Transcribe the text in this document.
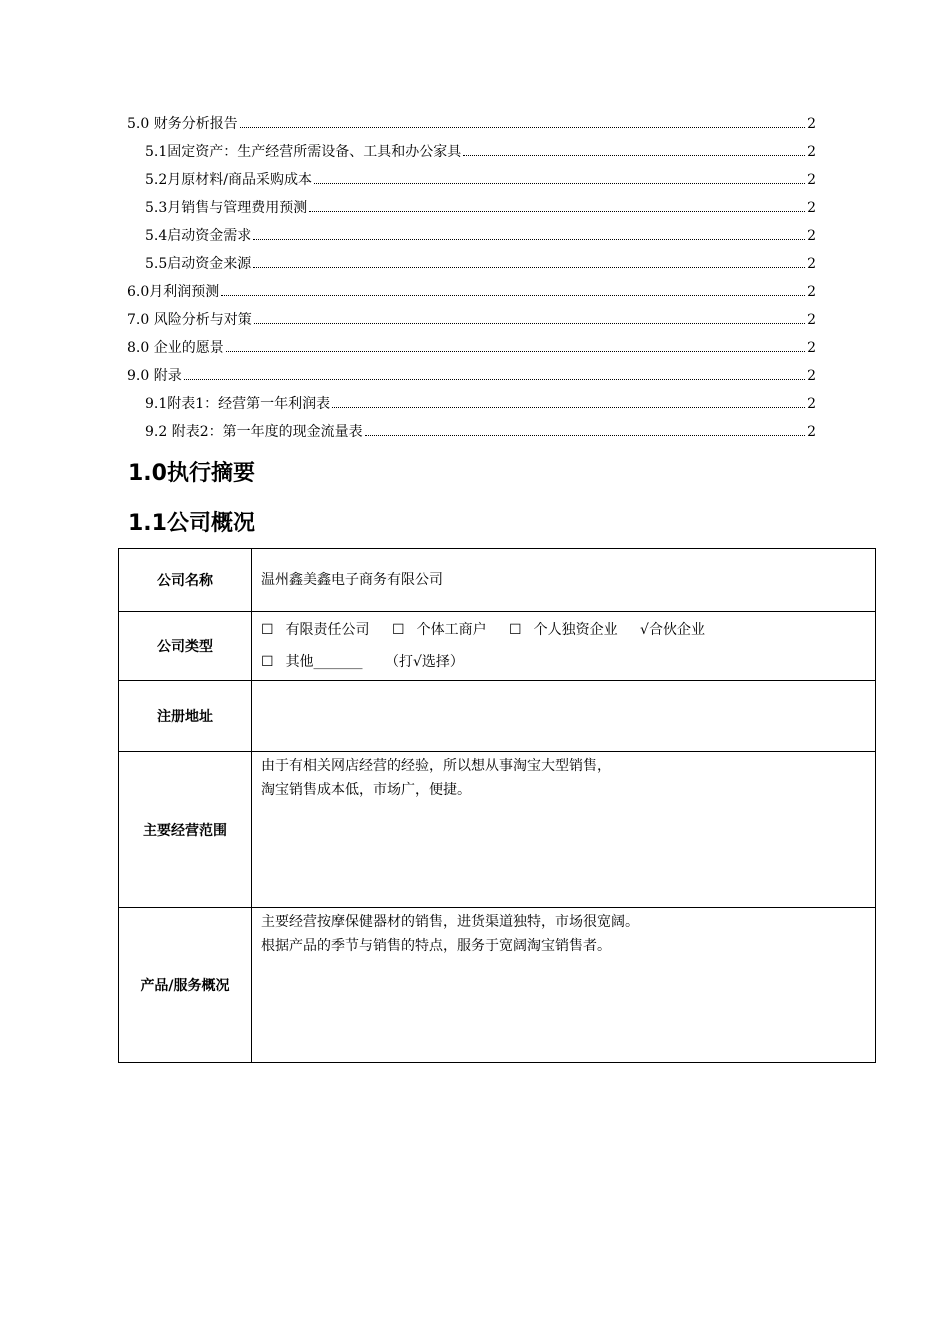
5.0 财务分析报告	2
5.1固定资产：生产经营所需设备、工具和办公家具	2
5.2月原材料/商品采购成本	2
5.3月销售与管理费用预测	2
5.4启动资金需求	2
5.5启动资金来源	2
6.0月利润预测	2
7.0 风险分析与对策	2
8.0 企业的愿景	2
9.0 附录	2
9.1附表1：经营第一年利润表	2
9.2 附表2：第一年度的现金流量表	2
1.0执行摘要
1.1公司概况
公司名称	温州鑫美鑫电子商务有限公司
公司类型	☐ 有限责任公司 ☐ 个体工商户 ☐ 个人独资企业 √合伙企业
☐ 其他_______ （打√选择）

注册地址	
主要经营范围	由于有相关网店经营的经验，所以想从事淘宝大型销售，
淘宝销售成本低，市场广，便捷。

产品/服务概况	主要经营按摩保健器材的销售，进货渠道独特，市场很宽阔。
根据产品的季节与销售的特点，服务于宽阔淘宝销售者。
